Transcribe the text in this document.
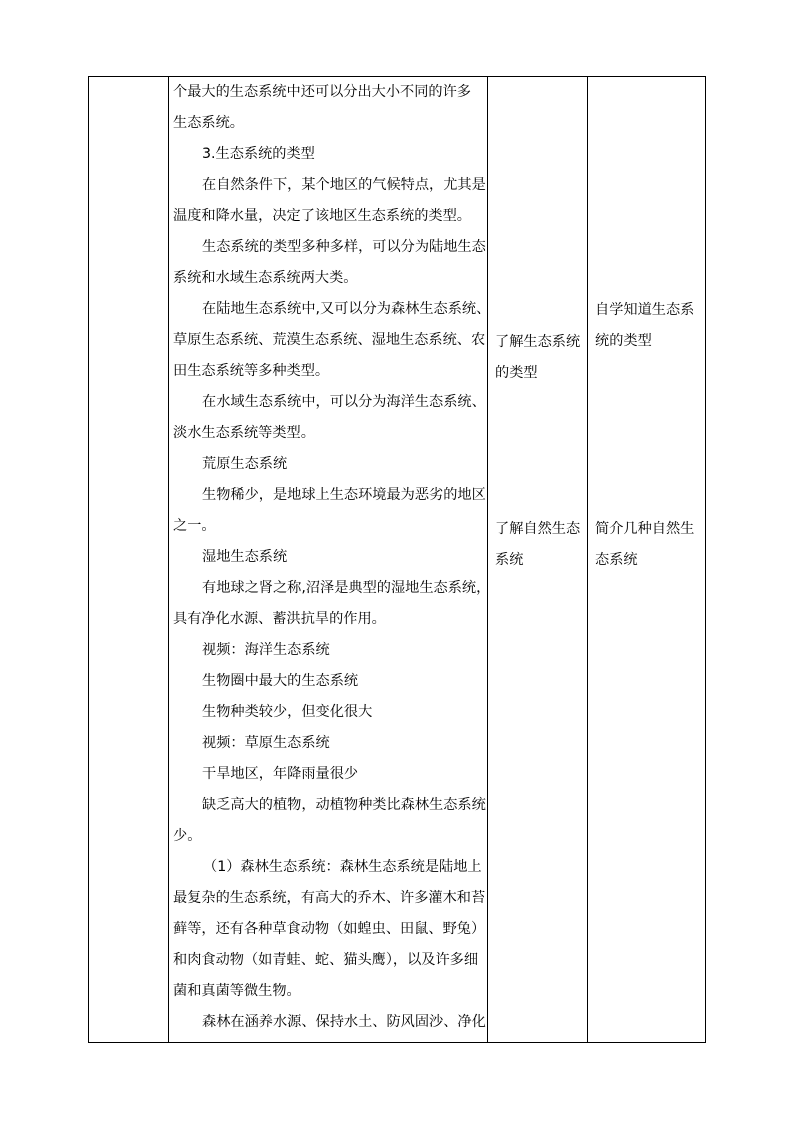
个最大的生态系统中还可以分出大小不同的许多

生态系统。

3.生态系统的类型

在自然条件下，某个地区的气候特点，尤其是

温度和降水量，决定了该地区生态系统的类型。

生态系统的类型多种多样，可以分为陆地生态

系统和水域生态系统两大类。

在陆地生态系统中,又可以分为森林生态系统、

草原生态系统、荒漠生态系统、湿地生态系统、农

田生态系统等多种类型。

在水域生态系统中，可以分为海洋生态系统、

淡水生态系统等类型。

荒原生态系统

生物稀少，是地球上生态环境最为恶劣的地区

之一。

湿地生态系统

有地球之肾之称,沼泽是典型的湿地生态系统，

具有净化水源、蓄洪抗旱的作用。

视频：海洋生态系统

生物圈中最大的生态系统

生物种类较少，但变化很大

视频：草原生态系统

干旱地区，年降雨量很少

缺乏高大的植物，动植物种类比森林生态系统

少。

（1）森林生态系统：森林生态系统是陆地上

最复杂的生态系统，有高大的乔木、许多灌木和苔

藓等，还有各种草食动物（如蝗虫、田鼠、野兔）

和肉食动物（如青蛙、蛇、猫头鹰），以及许多细

菌和真菌等微生物。

森林在涵养水源、保持水土、防风固沙、净化

了解生态系统

的类型

自学知道生态系

统的类型

了解自然生态

系统

简介几种自然生

态系统
